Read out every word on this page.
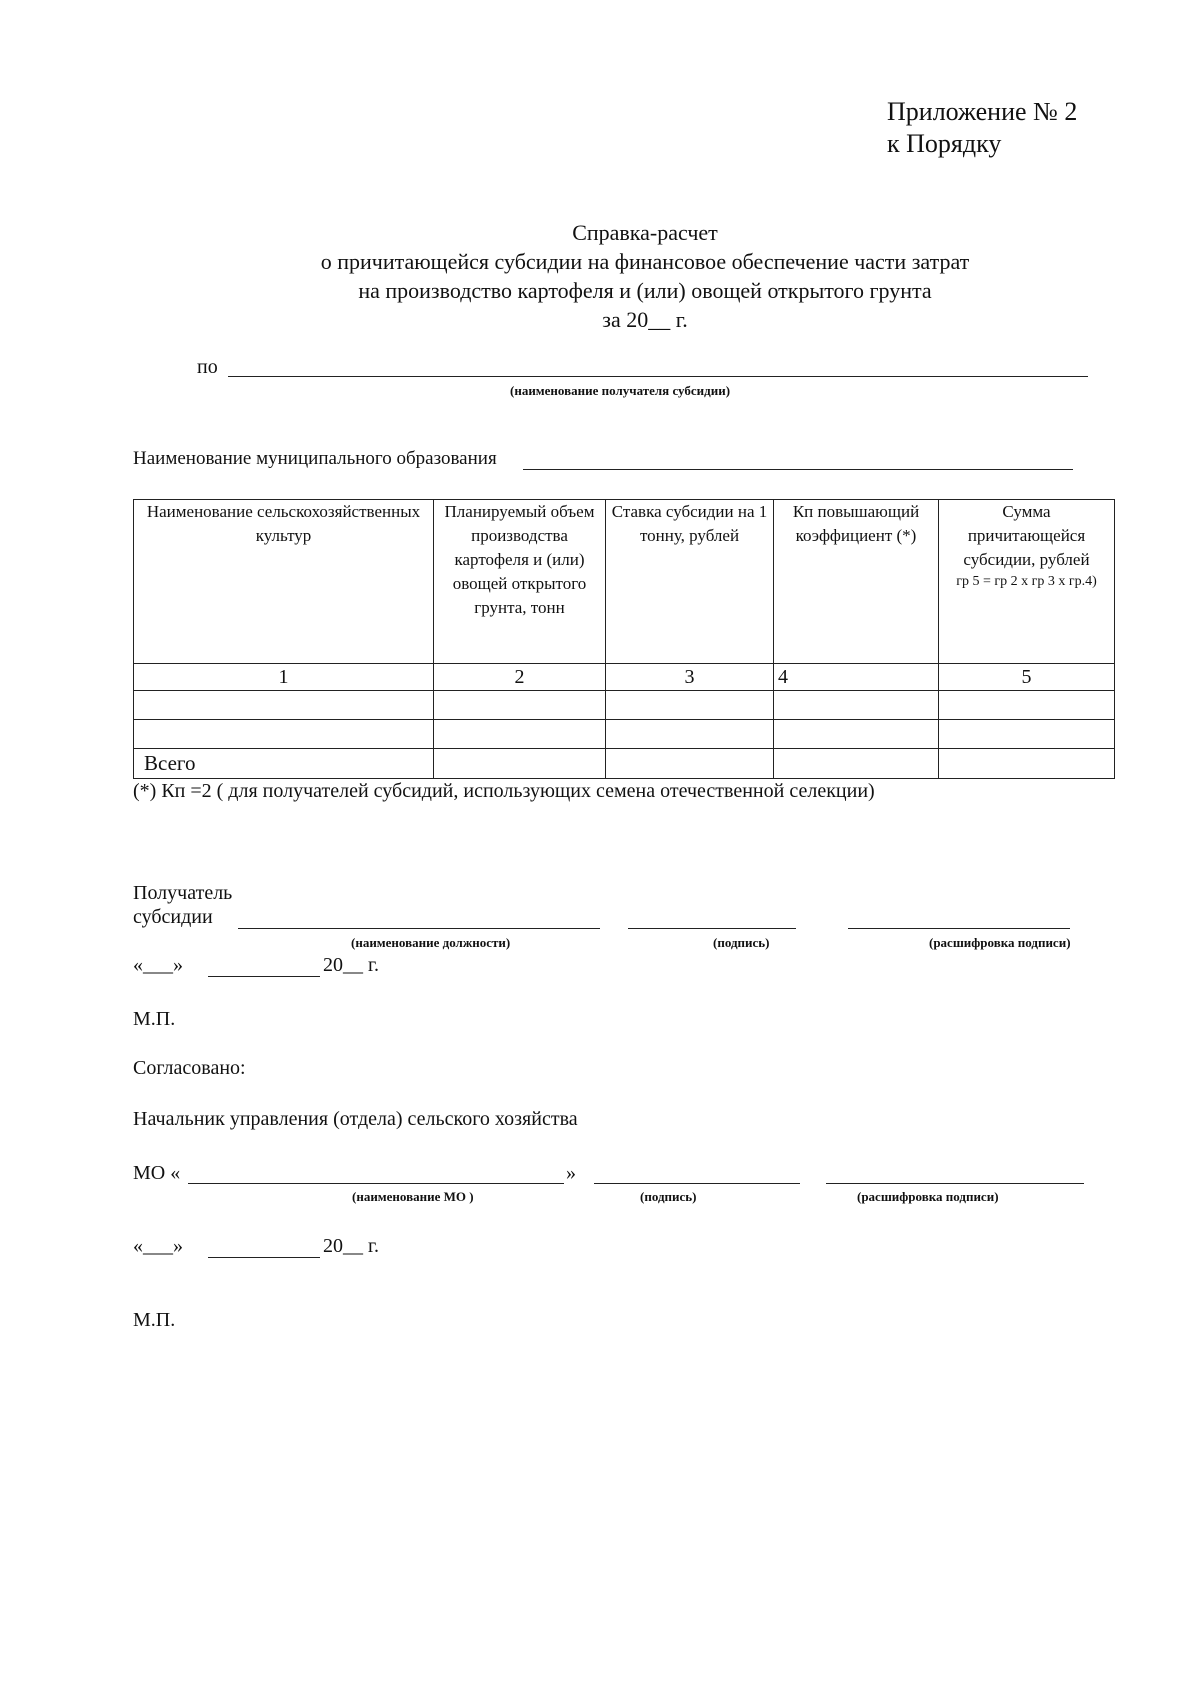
Приложение № 2
к Порядку
Справка-расчет
о причитающейся субсидии на финансовое обеспечение части затрат
на производство картофеля и (или) овощей открытого грунта
за 20__ г.
по
(наименование получателя субсидии)
Наименование муниципального образования
Наименование сельскохозяйственных культур	Планируемый объем производства картофеля и (или) овощей открытого грунта, тонн	Ставка субсидии на 1 тонну, рублей	Кп повышающий коэффициент (*)	Сумма причитающейся субсидии, рублей
гр 5 = гр 2 х гр 3 х гр.4)

1	2	3	4	5

Всего				
(*) Кп =2 ( для получателей субсидий, использующих семена отечественной селекции)
Получатель
субсидии
(наименование должности)	(подпись)	(расшифровка подписи)
«___»	20__ г.
М.П.
Согласовано:
Начальник управления (отдела) сельского хозяйства
МО «	»
(наименование МО )	(подпись)	(расшифровка подписи)
«___»	20__ г.
М.П.
